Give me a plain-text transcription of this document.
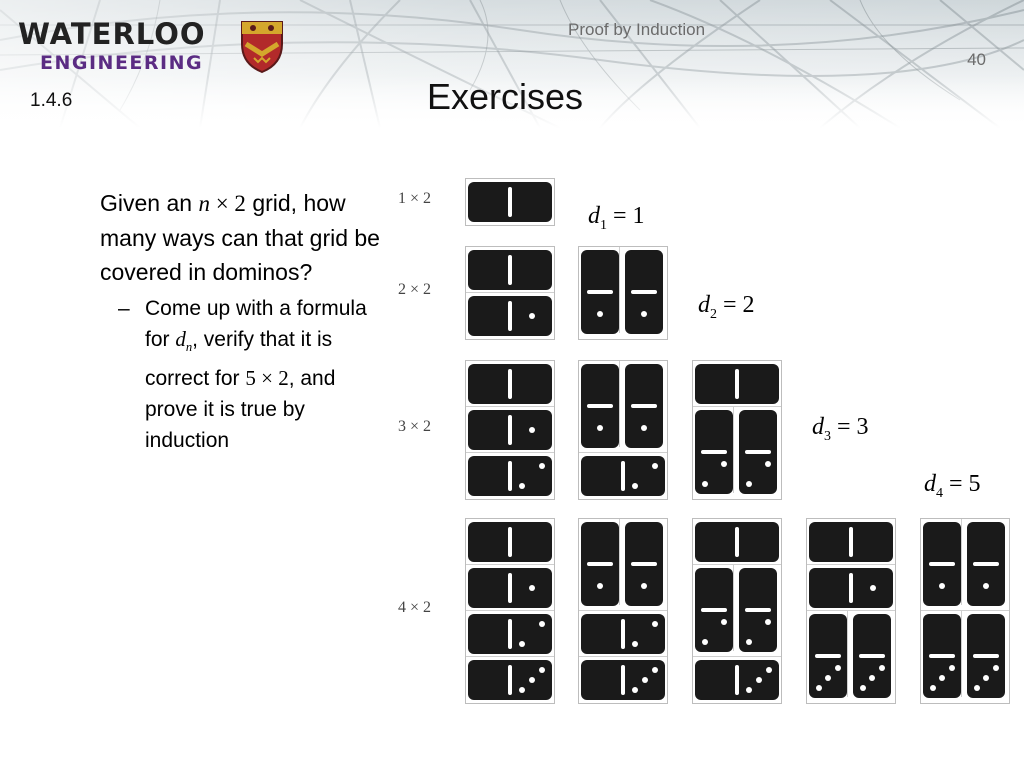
WATERLOO
ENGINEERING
Proof by Induction
40
1.4.6	Exercises
Given an n × 2 grid, how many ways can that grid be covered in dominos?
– Come up with a formula for $d_n$, verify that it is correct for 5 × 2, and prove it is true by induction
1 × 2
$d_1 = 1$
2 × 2
$d_2 = 2$
3 × 2	$d_3 = 3$
4 × 2
$d_4 = 5$
